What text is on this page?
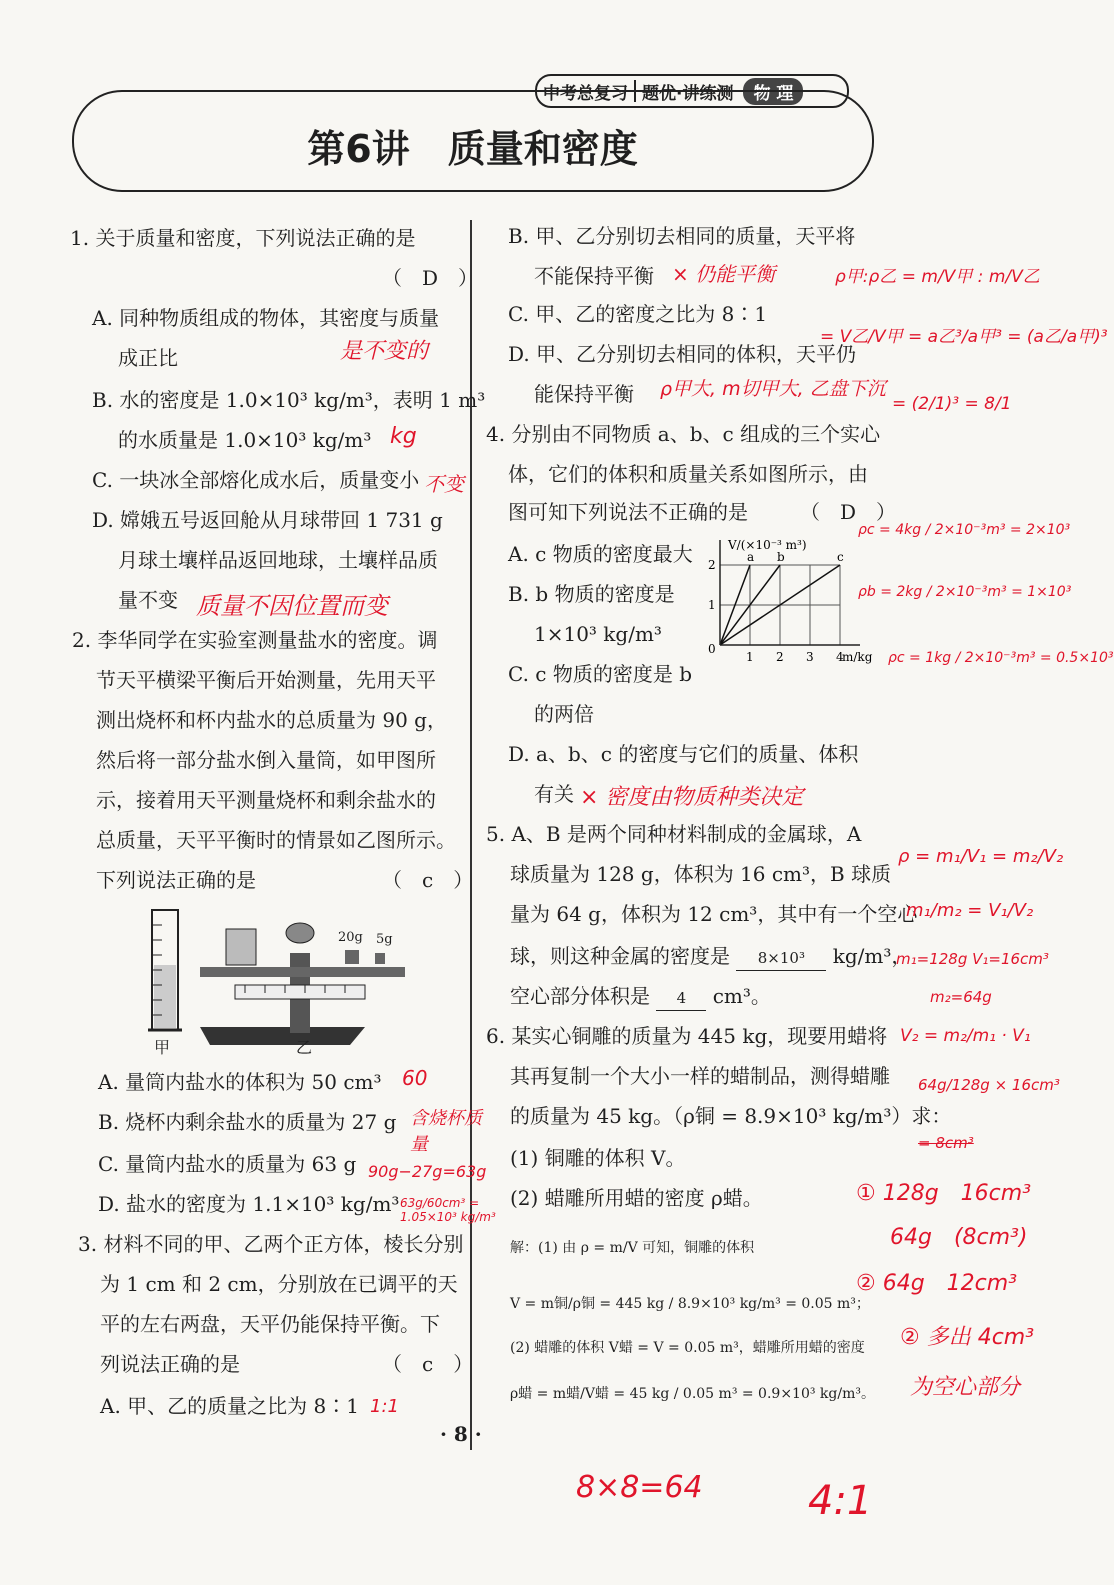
中考总复习 题优·讲练测	物 理
第6讲　质量和密度
1. 关于质量和密度，下列说法正确的是
（　D　）
A. 同种物质组成的物体，其密度与质量
成正比
B. 水的密度是 1.0×10³ kg/m³，表明 1 m³
的水质量是 1.0×10³ kg/m³
C. 一块冰全部熔化成水后，质量变小
D. 嫦娥五号返回舱从月球带回 1 731 g
月球土壤样品返回地球，土壤样品质
量不变
2. 李华同学在实验室测量盐水的密度。调
节天平横梁平衡后开始测量，先用天平
测出烧杯和杯内盐水的总质量为 90 g，
然后将一部分盐水倒入量筒，如甲图所
示，接着用天平测量烧杯和剩余盐水的
总质量，天平平衡时的情景如乙图所示。
下列说法正确的是	（　c　）
20g 5g
甲	乙
A. 量筒内盐水的体积为 50 cm³
B. 烧杯内剩余盐水的质量为 27 g
C. 量筒内盐水的质量为 63 g
D. 盐水的密度为 1.1×10³ kg/m³
3. 材料不同的甲、乙两个正方体，棱长分别
为 1 cm 和 2 cm，分别放在已调平的天
平的左右两盘，天平仍能保持平衡。下
列说法正确的是	（　c　）
A. 甲、乙的质量之比为 8∶1
B. 甲、乙分别切去相同的质量，天平将
不能保持平衡
C. 甲、乙的密度之比为 8∶1
D. 甲、乙分别切去相同的体积，天平仍
能保持平衡
4. 分别由不同物质 a、b、c 组成的三个实心
体，它们的体积和质量关系如图所示，由
图可知下列说法不正确的是	（　D　）
A. c 物质的密度最大
B. b 物质的密度是
1×10³ kg/m³
C. c 物质的密度是 b
的两倍
D. a、b、c 的密度与它们的质量、体积
有关
1 2 3 4
1
2
a b	c
V/(×10⁻³ m³)
m/kg
0
5. A、B 是两个同种材料制成的金属球，A
球质量为 128 g，体积为 16 cm³，B 球质
量为 64 g，体积为 12 cm³，其中有一个空心
球，则这种金属的密度是 8×10³ kg/m³，
空心部分体积是 4 cm³。
6. 某实心铜雕的质量为 445 kg，现要用蜡将
其再复制一个大小一样的蜡制品，测得蜡雕
的质量为 45 kg。（ρ铜 = 8.9×10³ kg/m³）求：
(1) 铜雕的体积 V。
(2) 蜡雕所用蜡的密度 ρ蜡。
解：(1) 由 ρ = m/V 可知，铜雕的体积
V = m铜/ρ铜 = 445 kg / 8.9×10³ kg/m³ = 0.05 m³；
(2) 蜡雕的体积 V蜡 = V = 0.05 m³，蜡雕所用蜡的密度
ρ蜡 = m蜡/V蜡 = 45 kg / 0.05 m³ = 0.9×10³ kg/m³。
· 8 ·
是不变的
kg
不变
质量不因位置而变
60
含烧杯质量
90g−27g=63g
63g/60cm³ = 1.05×10³ kg/m³
1:1
× 仍能平衡	ρ甲:ρ乙 = m/V甲 : m/V乙
= V乙/V甲 = a乙³/a甲³ = (a乙/a甲)³
= (2/1)³ = 8/1
ρ甲大, m切甲大, 乙盘下沉
ρc = 4kg / 2×10⁻³m³ = 2×10³
ρb = 2kg / 2×10⁻³m³ = 1×10³
ρc = 1kg / 2×10⁻³m³ = 0.5×10³
× 密度由物质种类决定
ρ = m₁/V₁ = m₂/V₂
m₁/m₂ = V₁/V₂
m₁=128g V₁=16cm³
m₂=64g
V₂ = m₂/m₁ · V₁
64g/128g × 16cm³
= 8cm³
① 128g　16cm³
64g　(8cm³)
② 64g　12cm³
② 多出 4cm³
为空心部分
8×8=64	4:1
